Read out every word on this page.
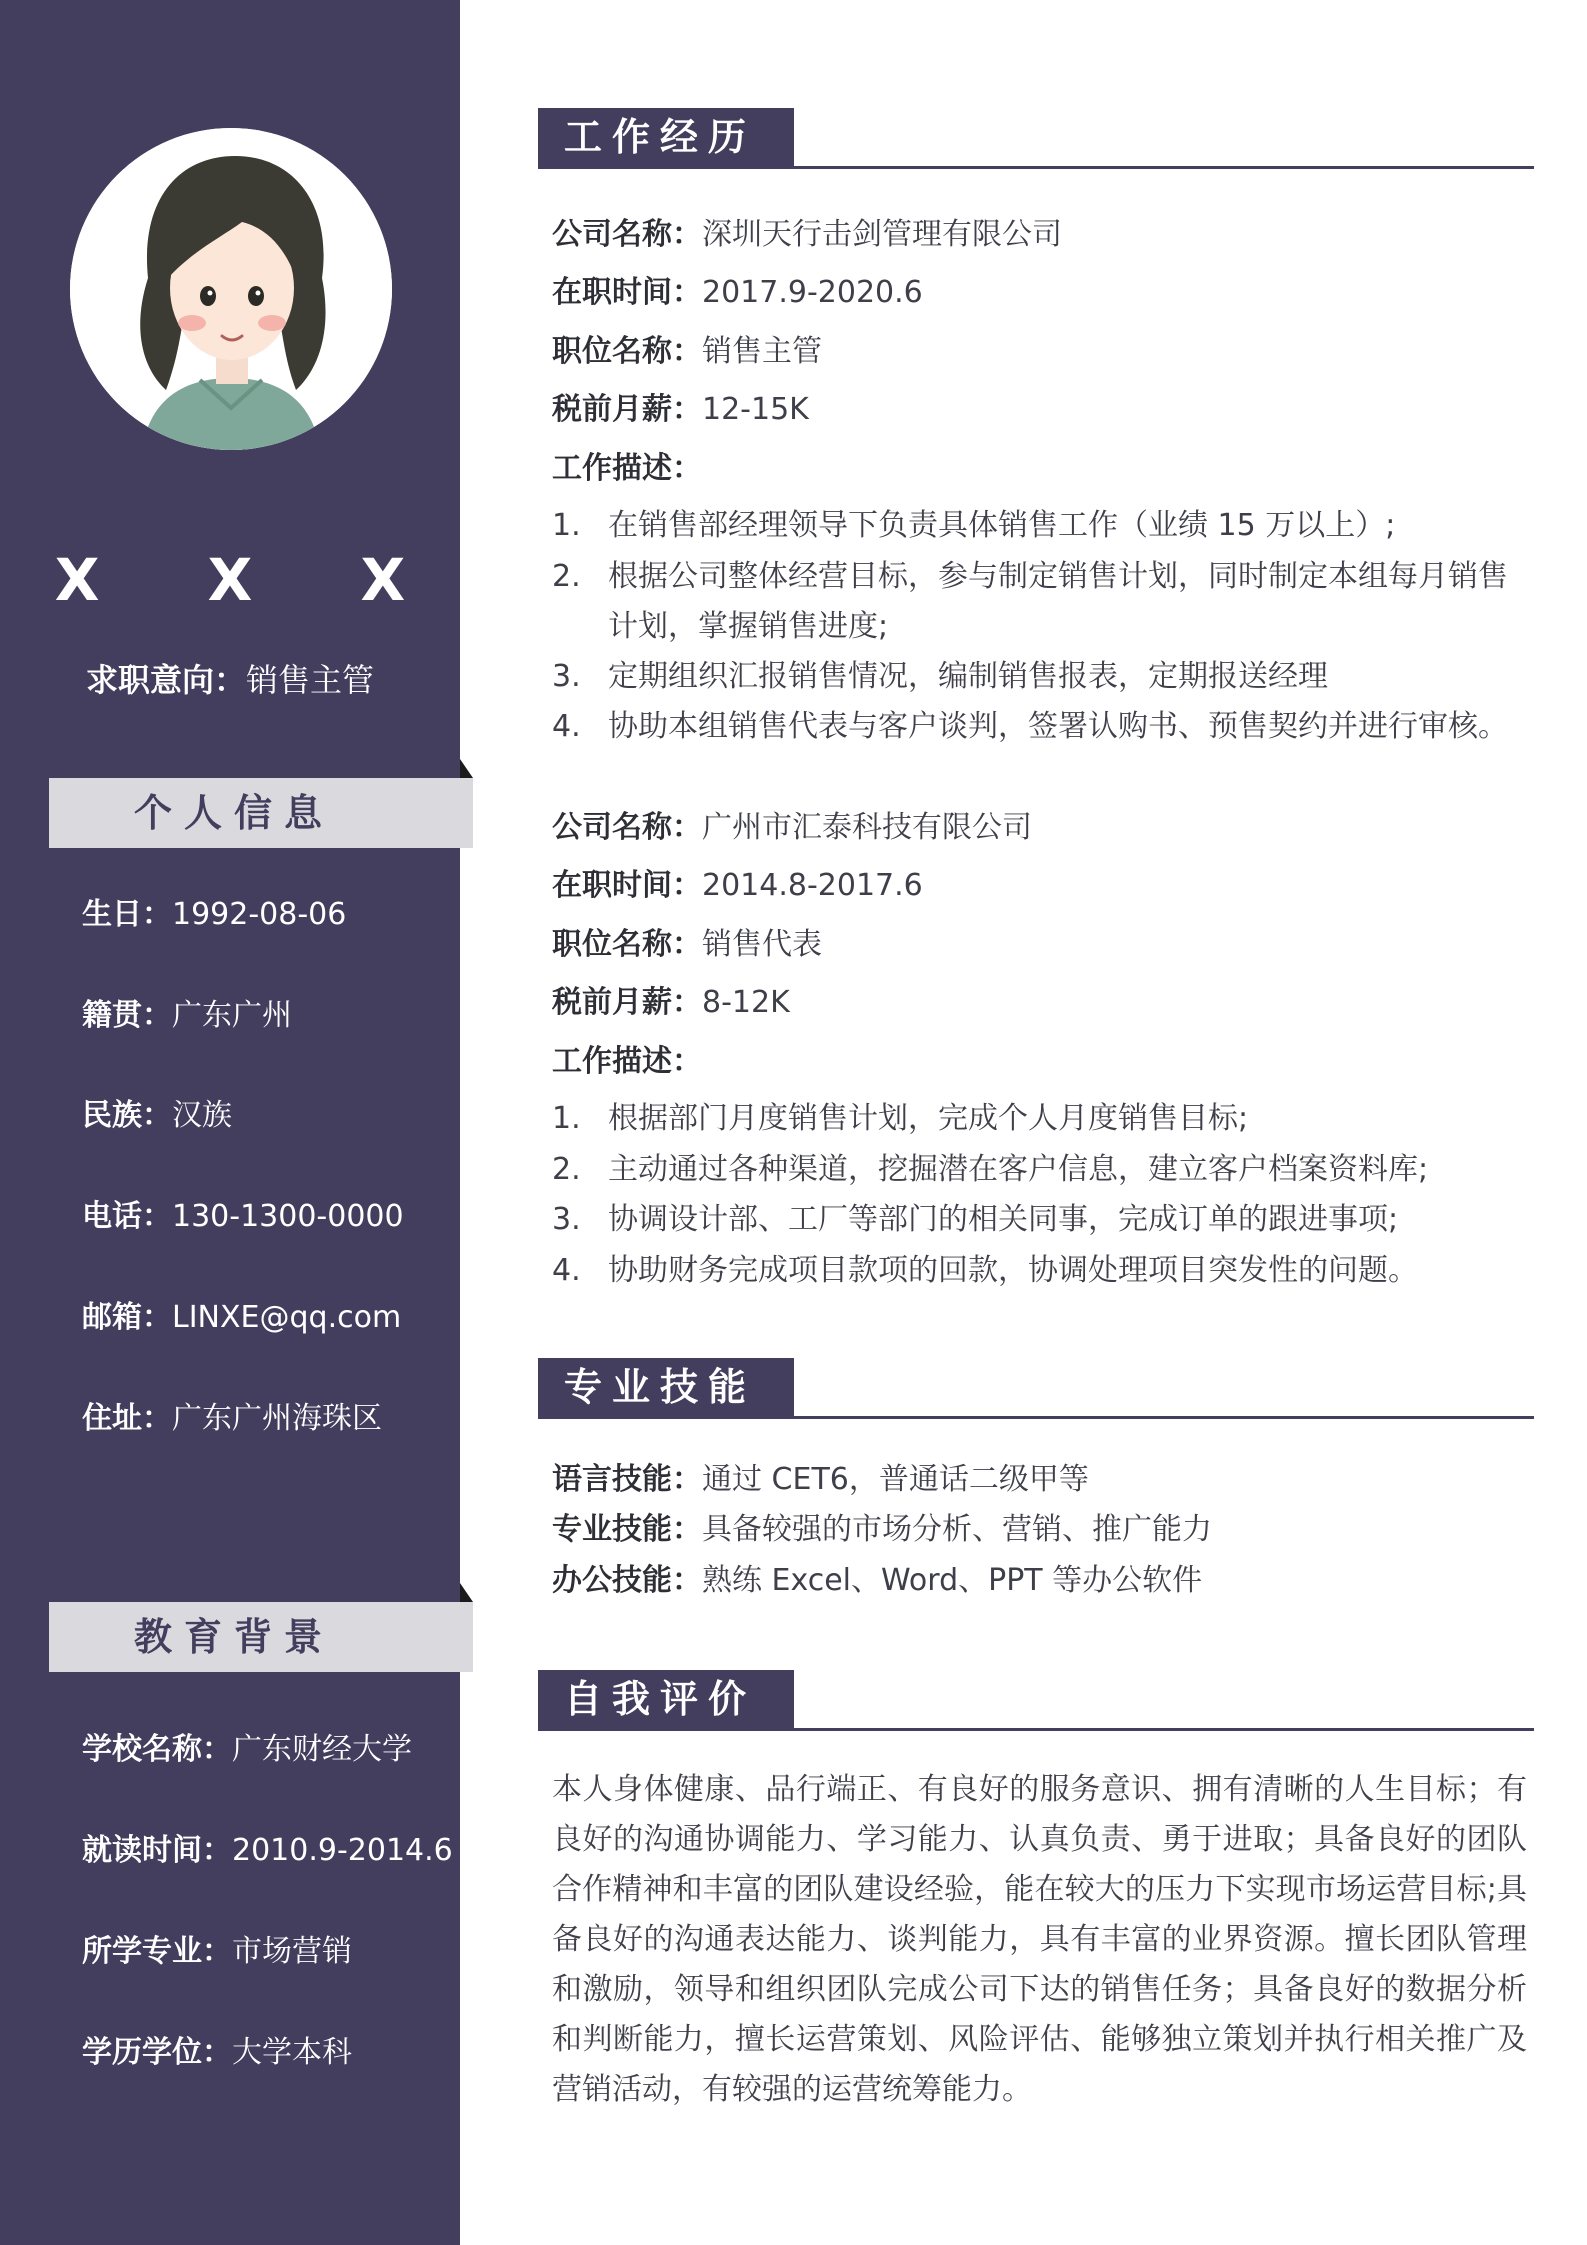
X X X
求职意向：销售主管
个人信息
生日：1992-08-06
籍贯：广东广州
民族：汉族
电话：130-1300-0000
邮箱：LINXE@qq.com
住址：广东广州海珠区
教育背景
学校名称：广东财经大学
就读时间：2010.9-2014.6
所学专业：市场营销
学历学位：大学本科
工作经历
公司名称：深圳天行击剑管理有限公司
在职时间：2017.9-2020.6
职位名称：销售主管
税前月薪：12-15K
工作描述：
1. 在销售部经理领导下负责具体销售工作（业绩 15 万以上）;
2. 根据公司整体经营目标，参与制定销售计划，同时制定本组每月销售计划，掌握销售进度;
3. 定期组织汇报销售情况，编制销售报表，定期报送经理
4. 协助本组销售代表与客户谈判，签署认购书、预售契约并进行审核。
公司名称：广州市汇泰科技有限公司
在职时间：2014.8-2017.6
职位名称：销售代表
税前月薪：8-12K
工作描述：
1. 根据部门月度销售计划，完成个人月度销售目标;
2. 主动通过各种渠道，挖掘潜在客户信息，建立客户档案资料库;
3. 协调设计部、工厂等部门的相关同事，完成订单的跟进事项;
4. 协助财务完成项目款项的回款，协调处理项目突发性的问题。
专业技能
语言技能：通过 CET6，普通话二级甲等
专业技能：具备较强的市场分析、营销、推广能力
办公技能：熟练 Excel、Word、PPT 等办公软件
自我评价
本人身体健康、品行端正、有良好的服务意识、拥有清晰的人生目标；有良好的沟通协调能力、学习能力、认真负责、勇于进取；具备良好的团队合作精神和丰富的团队建设经验，能在较大的压力下实现市场运营目标;具备良好的沟通表达能力、谈判能力，具有丰富的业界资源。擅长团队管理和激励，领导和组织团队完成公司下达的销售任务；具备良好的数据分析和判断能力，擅长运营策划、风险评估、能够独立策划并执行相关推广及营销活动，有较强的运营统筹能力。
